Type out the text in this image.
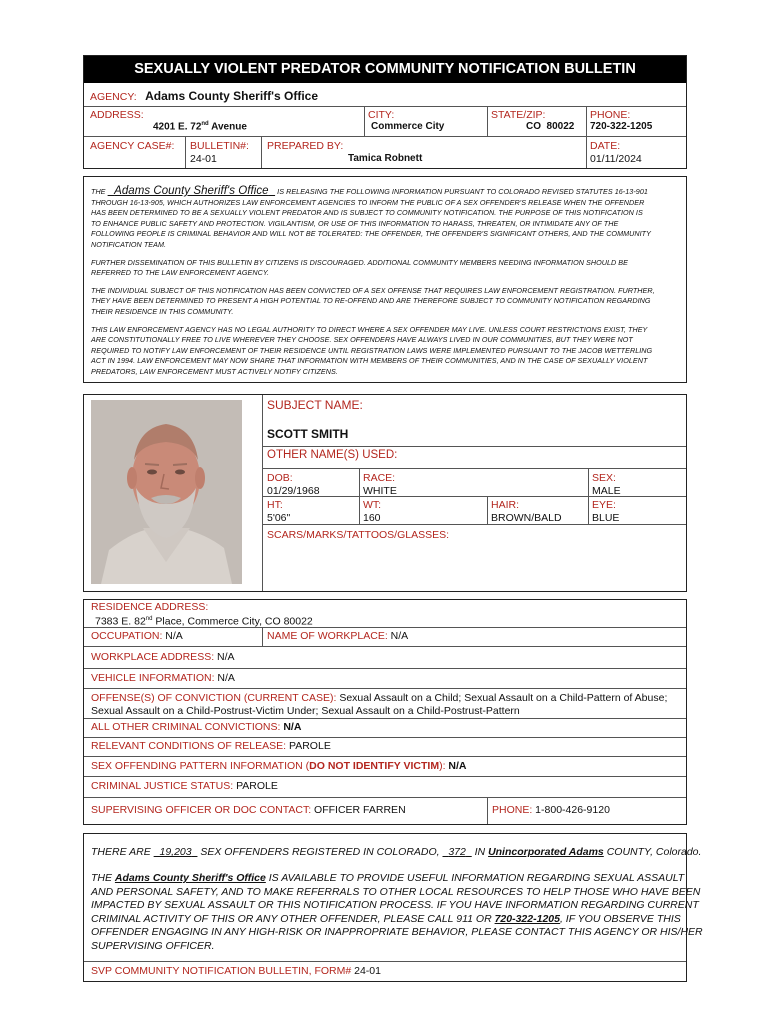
SEXUALLY VIOLENT PREDATOR COMMUNITY NOTIFICATION BULLETIN
AGENCY: Adams County Sheriff's Office
ADDRESS:
4201 E. 72nd Avenue
CITY:
Commerce City
STATE/ZIP:
CO  80022
PHONE:
720-322-1205
AGENCY CASE#: BULLETIN#:
24-01
PREPARED BY:
Tamica Robnett
DATE:
01/11/2024
THE Adams County Sheriff's Office IS RELEASING THE FOLLOWING INFORMATION PURSUANT TO COLORADO REVISED STATUTES 16-13-901
THROUGH 16-13-905, WHICH AUTHORIZES LAW ENFORCEMENT AGENCIES TO INFORM THE PUBLIC OF A SEX OFFENDER'S RELEASE WHEN THE OFFENDER
HAS BEEN DETERMINED TO BE A SEXUALLY VIOLENT PREDATOR AND IS SUBJECT TO COMMUNITY NOTIFICATION. THE PURPOSE OF THIS NOTIFICATION IS
TO ENHANCE PUBLIC SAFETY AND PROTECTION. VIGILANTISM, OR USE OF THIS INFORMATION TO HARASS, THREATEN, OR INTIMIDATE ANY OF THE
FOLLOWING PEOPLE IS CRIMINAL BEHAVIOR AND WILL NOT BE TOLERATED: THE OFFENDER, THE OFFENDER'S SIGNIFICANT OTHERS, AND THE COMMUNITY
NOTIFICATION TEAM.
FURTHER DISSEMINATION OF THIS BULLETIN BY CITIZENS IS DISCOURAGED. ADDITIONAL COMMUNITY MEMBERS NEEDING INFORMATION SHOULD BE
REFERRED TO THE LAW ENFORCEMENT AGENCY.
THE INDIVIDUAL SUBJECT OF THIS NOTIFICATION HAS BEEN CONVICTED OF A SEX OFFENSE THAT REQUIRES LAW ENFORCEMENT REGISTRATION. FURTHER,
THEY HAVE BEEN DETERMINED TO PRESENT A HIGH POTENTIAL TO RE-OFFEND AND ARE THEREFORE SUBJECT TO COMMUNITY NOTIFICATION REGARDING
THEIR RESIDENCE IN THIS COMMUNITY.
THIS LAW ENFORCEMENT AGENCY HAS NO LEGAL AUTHORITY TO DIRECT WHERE A SEX OFFENDER MAY LIVE. UNLESS COURT RESTRICTIONS EXIST, THEY
ARE CONSTITUTIONALLY FREE TO LIVE WHEREVER THEY CHOOSE. SEX OFFENDERS HAVE ALWAYS LIVED IN OUR COMMUNITIES, BUT THEY WERE NOT
REQUIRED TO NOTIFY LAW ENFORCEMENT OF THEIR RESIDENCE UNTIL REGISTRATION LAWS WERE IMPLEMENTED PURSUANT TO THE JACOB WETTERLING
ACT IN 1994. LAW ENFORCEMENT MAY NOW SHARE THAT INFORMATION WITH MEMBERS OF THEIR COMMUNITIES, AND IN THE CASE OF SEXUALLY VIOLENT
PREDATORS, LAW ENFORCEMENT MUST ACTIVELY NOTIFY CITIZENS.
SUBJECT NAME:
SCOTT SMITH
OTHER NAME(S) USED:
DOB:
01/29/1968
RACE:
WHITE
SEX:
MALE
HT:
5'06"
WT:
160
HAIR:
BROWN/BALD
EYE:
BLUE
SCARS/MARKS/TATTOOS/GLASSES:
RESIDENCE ADDRESS:
7383 E. 82nd Place, Commerce City, CO 80022
OCCUPATION: N/A	NAME OF WORKPLACE: N/A
WORKPLACE ADDRESS: N/A
VEHICLE INFORMATION: N/A
OFFENSE(S) OF CONVICTION (CURRENT CASE): Sexual Assault on a Child; Sexual Assault on a Child-Pattern of Abuse;
Sexual Assault on a Child-Postrust-Victim Under; Sexual Assault on a Child-Postrust-Pattern
ALL OTHER CRIMINAL CONVICTIONS: N/A
RELEVANT CONDITIONS OF RELEASE: PAROLE
SEX OFFENDING PATTERN INFORMATION (DO NOT IDENTIFY VICTIM): N/A
CRIMINAL JUSTICE STATUS: PAROLE
SUPERVISING OFFICER OR DOC CONTACT: OFFICER FARREN	PHONE: 1-800-426-9120
THERE ARE 19,203 SEX OFFENDERS REGISTERED IN COLORADO, 372 IN Unincorporated Adams COUNTY, Colorado.
THE Adams County Sheriff's Office IS AVAILABLE TO PROVIDE USEFUL INFORMATION REGARDING SEXUAL ASSAULT
AND PERSONAL SAFETY, AND TO MAKE REFERRALS TO OTHER LOCAL RESOURCES TO HELP THOSE WHO HAVE BEEN
IMPACTED BY SEXUAL ASSAULT OR THIS NOTIFICATION PROCESS. IF YOU HAVE INFORMATION REGARDING CURRENT
CRIMINAL ACTIVITY OF THIS OR ANY OTHER OFFENDER, PLEASE CALL 911 OR 720-322-1205, IF YOU OBSERVE THIS
OFFENDER ENGAGING IN ANY HIGH-RISK OR INAPPROPRIATE BEHAVIOR, PLEASE CONTACT THIS AGENCY OR HIS/HER
SUPERVISING OFFICER.
SVP COMMUNITY NOTIFICATION BULLETIN, FORM# 24-01
